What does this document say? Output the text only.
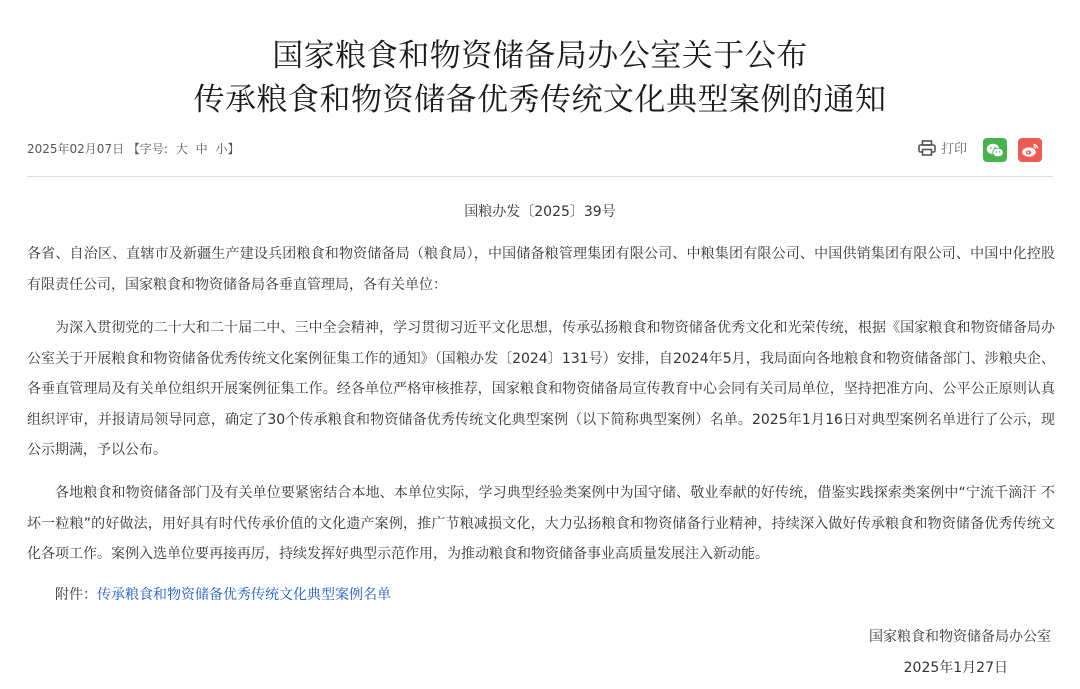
国家粮食和物资储备局办公室关于公布
传承粮食和物资储备优秀传统文化典型案例的通知
2025年02月07日 【字号: 大 中 小】	打印
国粮办发〔2025〕39号

各省、自治区、直辖市及新疆生产建设兵团粮食和物资储备局（粮食局），中国储备粮管理集团有限公司、中粮集团有限公司、中国供销集团有限公司、中国中化控股有限责任公司，国家粮食和物资储备局各垂直管理局，各有关单位：

为深入贯彻党的二十大和二十届二中、三中全会精神，学习贯彻习近平文化思想，传承弘扬粮食和物资储备优秀文化和光荣传统，根据《国家粮食和物资储备局办公室关于开展粮食和物资储备优秀传统文化案例征集工作的通知》（国粮办发〔2024〕131号）安排，自2024年5月，我局面向各地粮食和物资储备部门、涉粮央企、各垂直管理局及有关单位组织开展案例征集工作。经各单位严格审核推荐，国家粮食和物资储备局宣传教育中心会同有关司局单位，坚持把准方向、公平公正原则认真组织评审，并报请局领导同意，确定了30个传承粮食和物资储备优秀传统文化典型案例（以下简称典型案例）名单。2025年1月16日对典型案例名单进行了公示，现公示期满，予以公布。

各地粮食和物资储备部门及有关单位要紧密结合本地、本单位实际，学习典型经验类案例中为国守储、敬业奉献的好传统，借鉴实践探索类案例中“宁流千滴汗 不坏一粒粮”的好做法，用好具有时代传承价值的文化遗产案例，推广节粮减损文化，大力弘扬粮食和物资储备行业精神，持续深入做好传承粮食和物资储备优秀传统文化各项工作。案例入选单位要再接再厉，持续发挥好典型示范作用，为推动粮食和物资储备事业高质量发展注入新动能。

附件：传承粮食和物资储备优秀传统文化典型案例名单
国家粮食和物资储备局办公室
2025年1月27日
